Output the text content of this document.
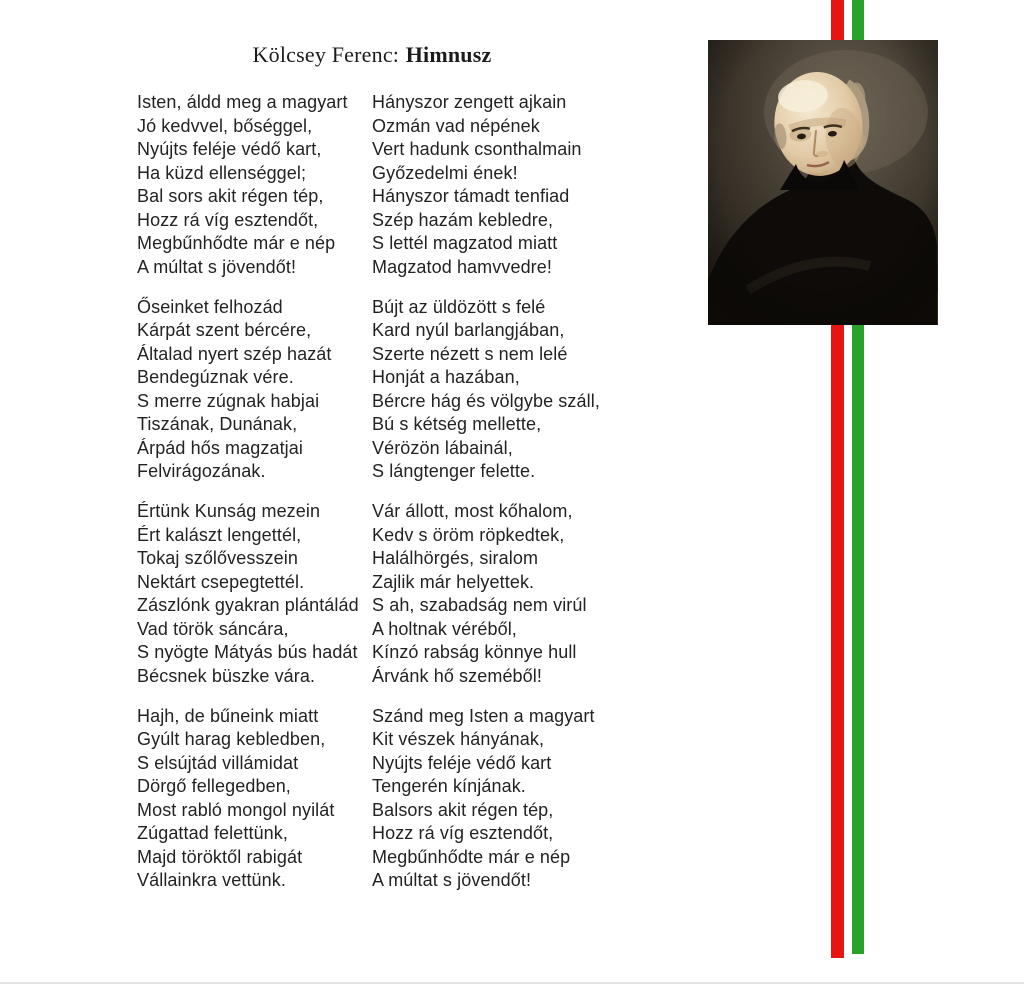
Kölcsey Ferenc: Himnusz
Isten, áldd meg a magyart
Jó kedvvel, bőséggel,
Nyújts feléje védő kart,
Ha küzd ellenséggel;
Bal sors akit régen tép,
Hozz rá víg esztendőt,
Megbűnhődte már e nép
A múltat s jövendőt!
Őseinket felhozád
Kárpát szent bércére,
Általad nyert szép hazát
Bendegúznak vére.
S merre zúgnak habjai
Tiszának, Dunának,
Árpád hős magzatjai
Felvirágozának.
Értünk Kunság mezein
Ért kalászt lengettél,
Tokaj szőlővesszein
Nektárt csepegtettél.
Zászlónk gyakran plántálád
Vad török sáncára,
S nyögte Mátyás bús hadát
Bécsnek büszke vára.
Hajh, de bűneink miatt
Gyúlt harag kebledben,
S elsújtád villámidat
Dörgő fellegedben,
Most rabló mongol nyilát
Zúgattad felettünk,
Majd töröktől rabigát
Vállainkra vettünk.
Hányszor zengett ajkain
Ozmán vad népének
Vert hadunk csonthalmain
Győzedelmi ének!
Hányszor támadt tenfiad
Szép hazám kebledre,
S lettél magzatod miatt
Magzatod hamvvedre!
Bújt az üldözött s felé
Kard nyúl barlangjában,
Szerte nézett s nem lelé
Honját a hazában,
Bércre hág és völgybe száll,
Bú s kétség mellette,
Vérözön lábainál,
S lángtenger felette.
Vár állott, most kőhalom,
Kedv s öröm röpkedtek,
Halálhörgés, siralom
Zajlik már helyettek.
S ah, szabadság nem virúl
A holtnak véréből,
Kínzó rabság könnye hull
Árvánk hő szeméből!
Szánd meg Isten a magyart
Kit vészek hányának,
Nyújts feléje védő kart
Tengerén kínjának.
Balsors akit régen tép,
Hozz rá víg esztendőt,
Megbűnhődte már e nép
A múltat s jövendőt!
